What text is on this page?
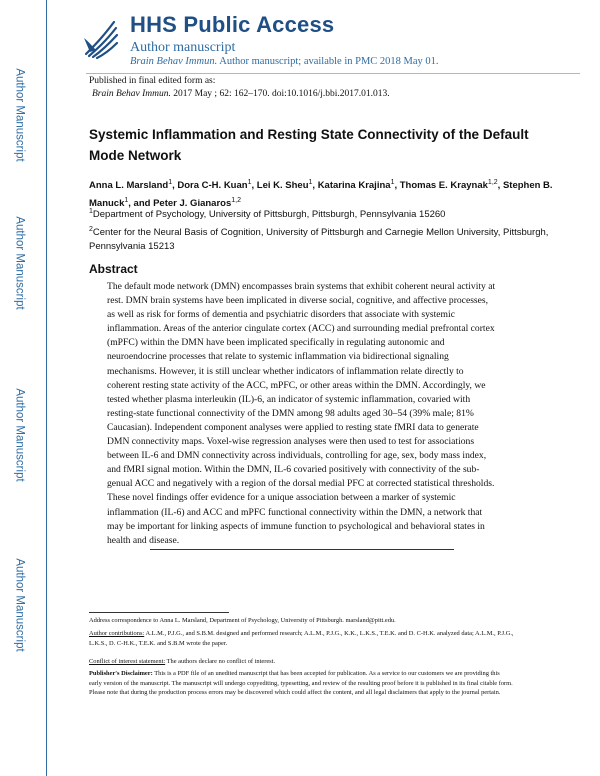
Author Manuscript
Author Manuscript
Author Manuscript
Author Manuscript
HHS Public Access
Author manuscript
Brain Behav Immun. Author manuscript; available in PMC 2018 May 01.
Published in final edited form as:
Brain Behav Immun. 2017 May ; 62: 162–170. doi:10.1016/j.bbi.2017.01.013.
Systemic Inflammation and Resting State Connectivity of the Default Mode Network
Anna L. Marsland$^1$, Dora C-H. Kuan$^1$, Lei K. Sheu$^1$, Katarina Krajina$^1$, Thomas E. Kraynak$^{1,2}$, Stephen B. Manuck$^1$, and Peter J. Gianaros$^{1,2}$
$^1$Department of Psychology, University of Pittsburgh, Pittsburgh, Pennsylvania 15260
$^2$Center for the Neural Basis of Cognition, University of Pittsburgh and Carnegie Mellon University, Pittsburgh, Pennsylvania 15213
Abstract
The default mode network (DMN) encompasses brain systems that exhibit coherent neural activity at rest. DMN brain systems have been implicated in diverse social, cognitive, and affective processes, as well as risk for forms of dementia and psychiatric disorders that associate with systemic inflammation. Areas of the anterior cingulate cortex (ACC) and surrounding medial prefrontal cortex (mPFC) within the DMN have been implicated specifically in regulating autonomic and neuroendocrine processes that relate to systemic inflammation via bidirectional signaling mechanisms. However, it is still unclear whether indicators of inflammation relate directly to coherent resting state activity of the ACC, mPFC, or other areas within the DMN. Accordingly, we tested whether plasma interleukin (IL)-6, an indicator of systemic inflammation, covaried with resting-state functional connectivity of the DMN among 98 adults aged 30–54 (39% male; 81% Caucasian). Independent component analyses were applied to resting state fMRI data to generate DMN connectivity maps. Voxel-wise regression analyses were then used to test for associations between IL-6 and DMN connectivity across individuals, controlling for age, sex, body mass index, and fMRI signal motion. Within the DMN, IL-6 covaried positively with connectivity of the sub-genual ACC and negatively with a region of the dorsal medial PFC at corrected statistical thresholds. These novel findings offer evidence for a unique association between a marker of systemic inflammation (IL-6) and ACC and mPFC functional connectivity within the DMN, a network that may be important for linking aspects of immune function to psychological and behavioral states in health and disease.
Address correspondence to Anna L. Marsland, Department of Psychology, University of Pittsburgh. marsland@pitt.edu.
Author contributions: A.L.M., P.J.G., and S.B.M. designed and performed research; A.L.M., P.J.G., K.K., L.K.S., T.E.K. and D. C-H.K. analyzed data; A.L.M., P.J.G., L.K.S., D. C-H.K., T.E.K. and S.B.M wrote the paper.
Conflict of interest statement: The authors declare no conflict of interest.
Publisher's Disclaimer: This is a PDF file of an unedited manuscript that has been accepted for publication. As a service to our customers we are providing this early version of the manuscript. The manuscript will undergo copyediting, typesetting, and review of the resulting proof before it is published in its final citable form. Please note that during the production process errors may be discovered which could affect the content, and all legal disclaimers that apply to the journal pertain.
